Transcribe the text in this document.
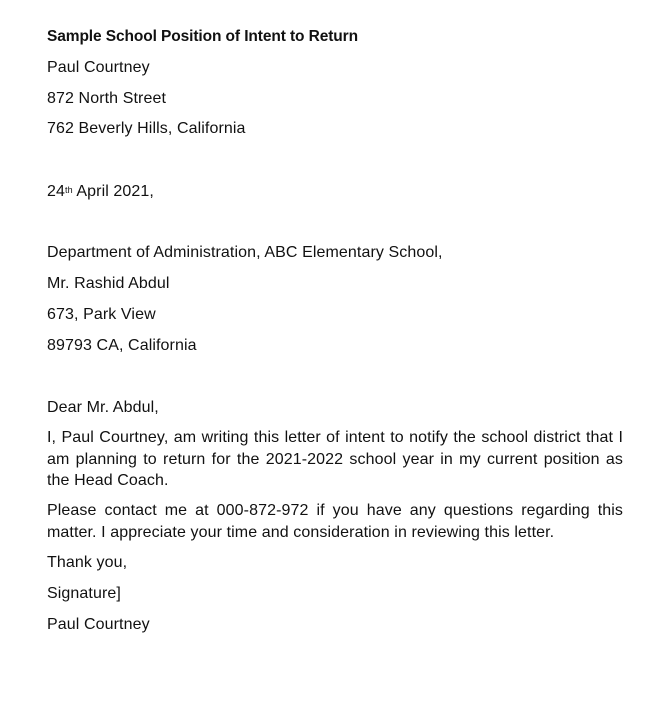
Sample School Position of Intent to Return
Paul Courtney
872 North Street
762 Beverly Hills, California
24th April 2021,
Department of Administration, ABC Elementary School,
Mr. Rashid Abdul
673, Park View
89793 CA, California
Dear Mr. Abdul,
I, Paul Courtney, am writing this letter of intent to notify the school district that I am planning to return for the 2021-2022 school year in my current position as the Head Coach.
Please contact me at 000-872-972 if you have any questions regarding this matter. I appreciate your time and consideration in reviewing this letter.
Thank you,
Signature]
Paul Courtney
